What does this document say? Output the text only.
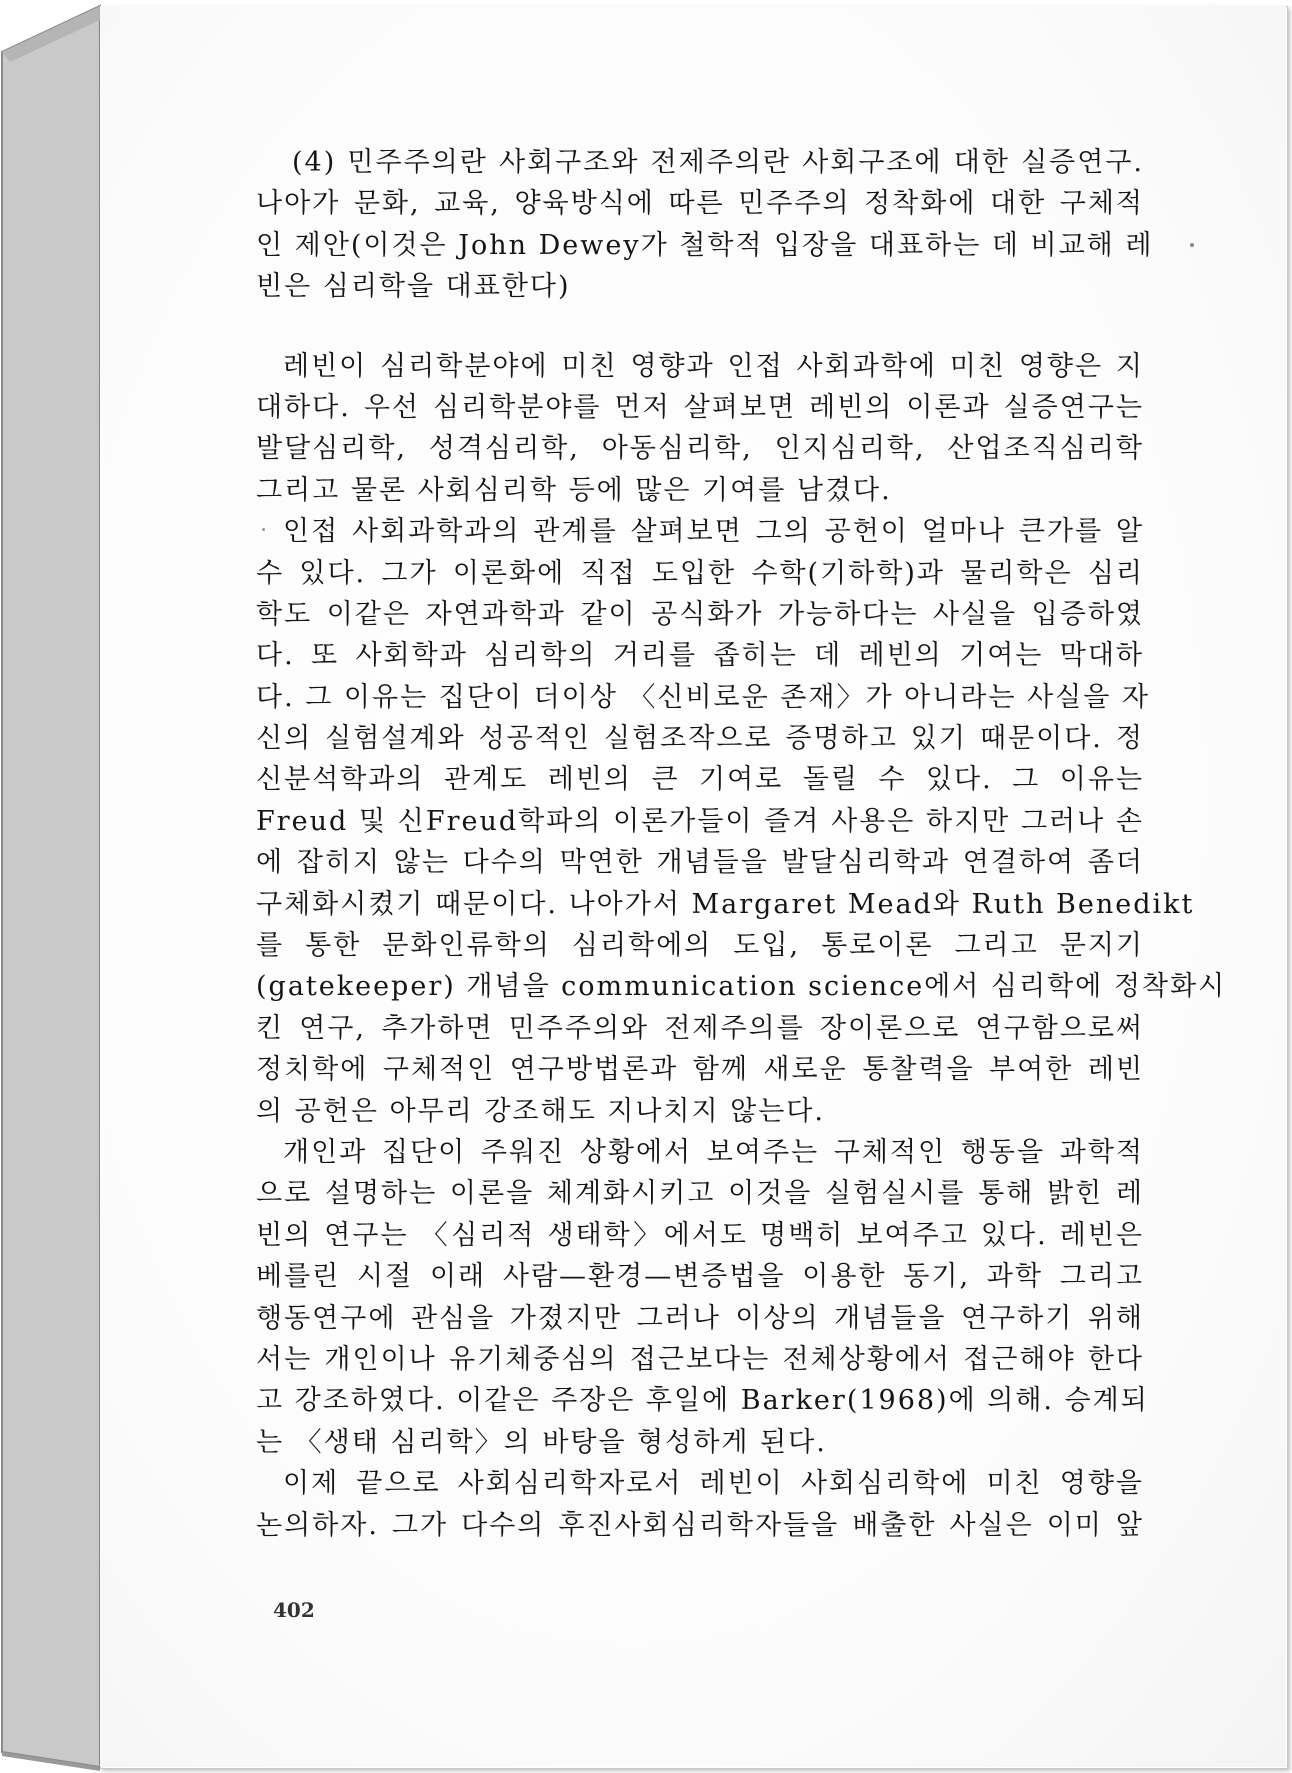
(4) 민주주의란 사회구조와 전제주의란 사회구조에 대한 실증연구.
나아가 문화, 교육, 양육방식에 따른 민주주의 정착화에 대한 구체적
인 제안(이것은 John Dewey가 철학적 입장을 대표하는 데 비교해 레
빈은 심리학을 대표한다)
레빈이 심리학분야에 미친 영향과 인접 사회과학에 미친 영향은 지
대하다. 우선 심리학분야를 먼저 살펴보면 레빈의 이론과 실증연구는
발달심리학, 성격심리학, 아동심리학, 인지심리학, 산업조직심리학
그리고 물론 사회심리학 등에 많은 기여를 남겼다.
인접 사회과학과의 관계를 살펴보면 그의 공헌이 얼마나 큰가를 알
수 있다. 그가 이론화에 직접 도입한 수학(기하학)과 물리학은 심리
학도 이같은 자연과학과 같이 공식화가 가능하다는 사실을 입증하였
다. 또 사회학과 심리학의 거리를 좁히는 데 레빈의 기여는 막대하
다. 그 이유는 집단이 더이상 〈신비로운 존재〉가 아니라는 사실을 자
신의 실험설계와 성공적인 실험조작으로 증명하고 있기 때문이다. 정
신분석학과의 관계도 레빈의 큰 기여로 돌릴 수 있다. 그 이유는
Freud 및 신Freud학파의 이론가들이 즐겨 사용은 하지만 그러나 손
에 잡히지 않는 다수의 막연한 개념들을 발달심리학과 연결하여 좀더
구체화시켰기 때문이다. 나아가서 Margaret Mead와 Ruth Benedikt
를 통한 문화인류학의 심리학에의 도입, 통로이론 그리고 문지기
(gatekeeper) 개념을 communication science에서 심리학에 정착화시
킨 연구, 추가하면 민주주의와 전제주의를 장이론으로 연구함으로써
정치학에 구체적인 연구방법론과 함께 새로운 통찰력을 부여한 레빈
의 공헌은 아무리 강조해도 지나치지 않는다.
개인과 집단이 주워진 상황에서 보여주는 구체적인 행동을 과학적
으로 설명하는 이론을 체계화시키고 이것을 실험실시를 통해 밝힌 레
빈의 연구는 〈심리적 생태학〉에서도 명백히 보여주고 있다. 레빈은
베를린 시절 이래 사람—환경—변증법을 이용한 동기, 과학 그리고
행동연구에 관심을 가졌지만 그러나 이상의 개념들을 연구하기 위해
서는 개인이나 유기체중심의 접근보다는 전체상황에서 접근해야 한다
고 강조하였다. 이같은 주장은 후일에 Barker(1968)에 의해. 승계되
는 〈생태 심리학〉의 바탕을 형성하게 된다.
이제 끝으로 사회심리학자로서 레빈이 사회심리학에 미친 영향을
논의하자. 그가 다수의 후진사회심리학자들을 배출한 사실은 이미 앞
402
